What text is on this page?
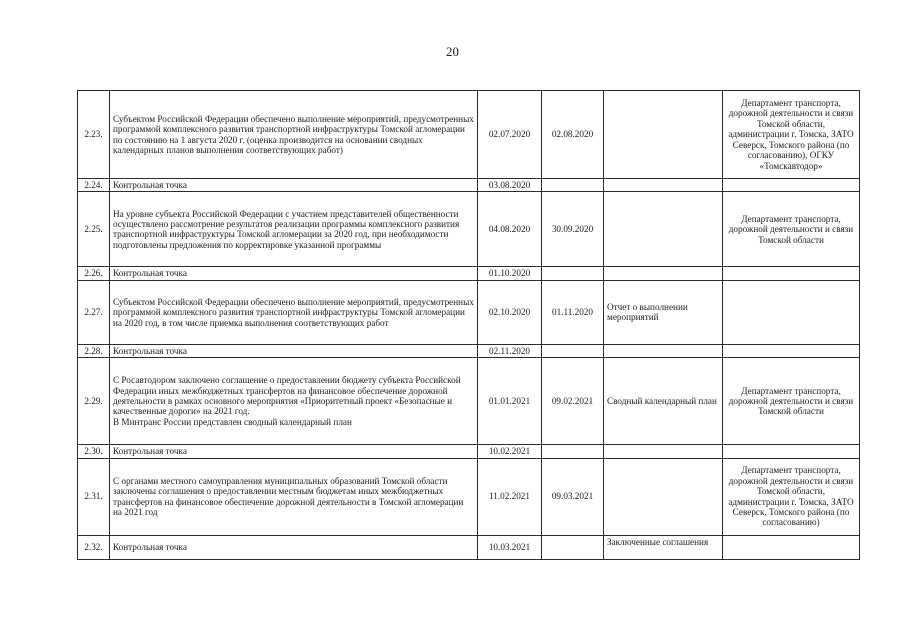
20
2.23.	Субъектом Российской Федерации обеспечено выполнение мероприятий, предусмотренных программой комплексного развития транспортной инфраструктуры Томской агломерации по состоянию на 1 августа 2020 г. (оценка производится на основании сводных календарных планов выполнения соответствующих работ)	02.07.2020	02.08.2020		Департамент транспорта, дорожной деятельности и связи Томской области, администрации г. Томска, ЗАТО Северск, Томского района (по согласованию), ОГКУ «Томскавтодор»
2.24.	Контрольная точка	03.08.2020			
2.25.	На уровне субъекта Российской Федерации с участием представителей общественности осуществлено рассмотрение результатов реализации программы комплексного развития транспортной инфраструктуры Томской агломерации за 2020 год, при необходимости подготовлены предложения по корректировке указанной программы	04.08.2020	30.09.2020		Департамент транспорта, дорожной деятельности и связи Томской области
2.26.	Контрольная точка	01.10.2020			
2.27.	Субъектом Российской Федерации обеспечено выполнение мероприятий, предусмотренных программой комплексного развития транспортной инфраструктуры Томской агломерации на 2020 год, в том числе приемка выполнения соответствующих работ	02.10.2020	01.11.2020	Отчет о выполнении мероприятий	
2.28.	Контрольная точка	02.11.2020			
2.29.	С Росавтодором заключено соглашение о предоставлении бюджету субъекта Российской Федерации иных межбюджетных трансфертов на финансовое обеспечение дорожной деятельности в рамках основного мероприятия «Приоритетный проект «Безопасные и качественные дороги» на 2021 год.
В Минтранс России представлен сводный календарный план	01.01.2021	09.02.2021	Сводный календарный план	Департамент транспорта, дорожной деятельности и связи Томской области
2.30.	Контрольная точка	10.02.2021			
2.31.	С органами местного самоуправления муниципальных образований Томской области заключены соглашения о предоставлении местным бюджетам иных межбюджетных трансфертов на финансовое обеспечение дорожной деятельности в Томской агломерации на 2021 год	11.02.2021	09.03.2021		Департамент транспорта, дорожной деятельности и связи Томской области, администрации г. Томска, ЗАТО Северск, Томского района (по согласованию)
2.32.	Контрольная точка	10.03.2021		Заключенные соглашения	
